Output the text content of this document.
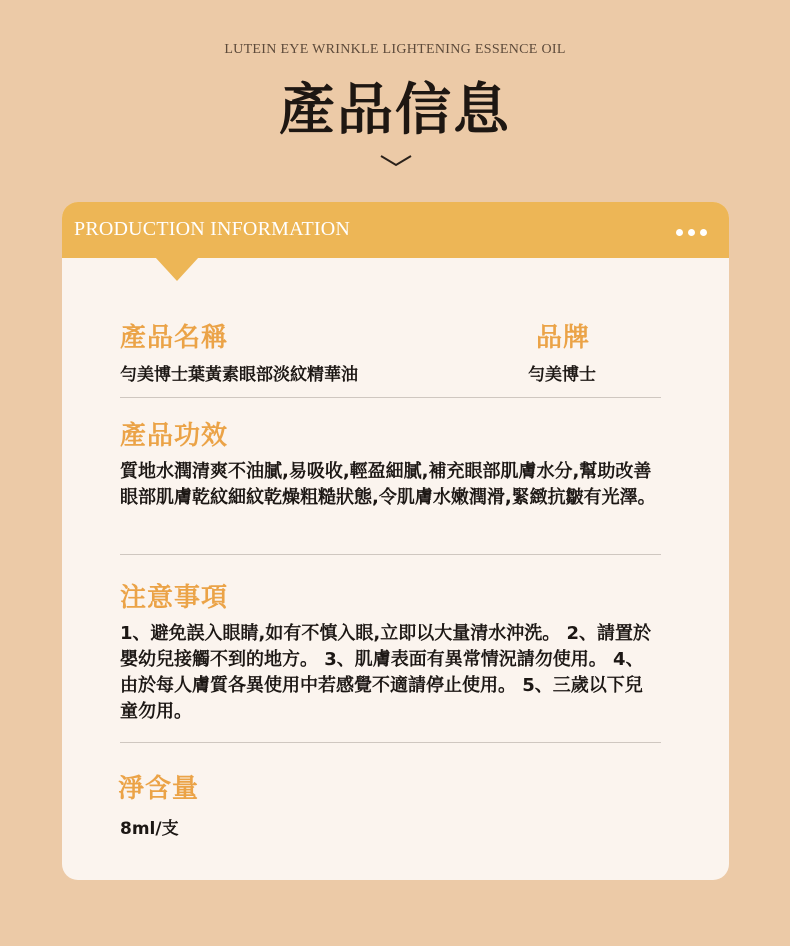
LUTEIN EYE WRINKLE LIGHTENING ESSENCE OIL
產品信息
PRODUCTION INFORMATION
產品名稱	品牌
勻美博士葉黃素眼部淡紋精華油	勻美博士
產品功效
質地水潤清爽不油膩,易吸收,輕盈細膩,補充眼部肌膚水分,幫助改善眼部肌膚乾紋細紋乾燥粗糙狀態,令肌膚水嫩潤滑,緊緻抗皺有光澤。
注意事項
1、避免誤入眼睛,如有不慎入眼,立即以大量清水沖洗。 2、請置於嬰幼兒接觸不到的地方。 3、肌膚表面有異常情況請勿使用。 4、由於每人膚質各異使用中若感覺不適請停止使用。 5、三歲以下兒童勿用。
淨含量
8ml/支
